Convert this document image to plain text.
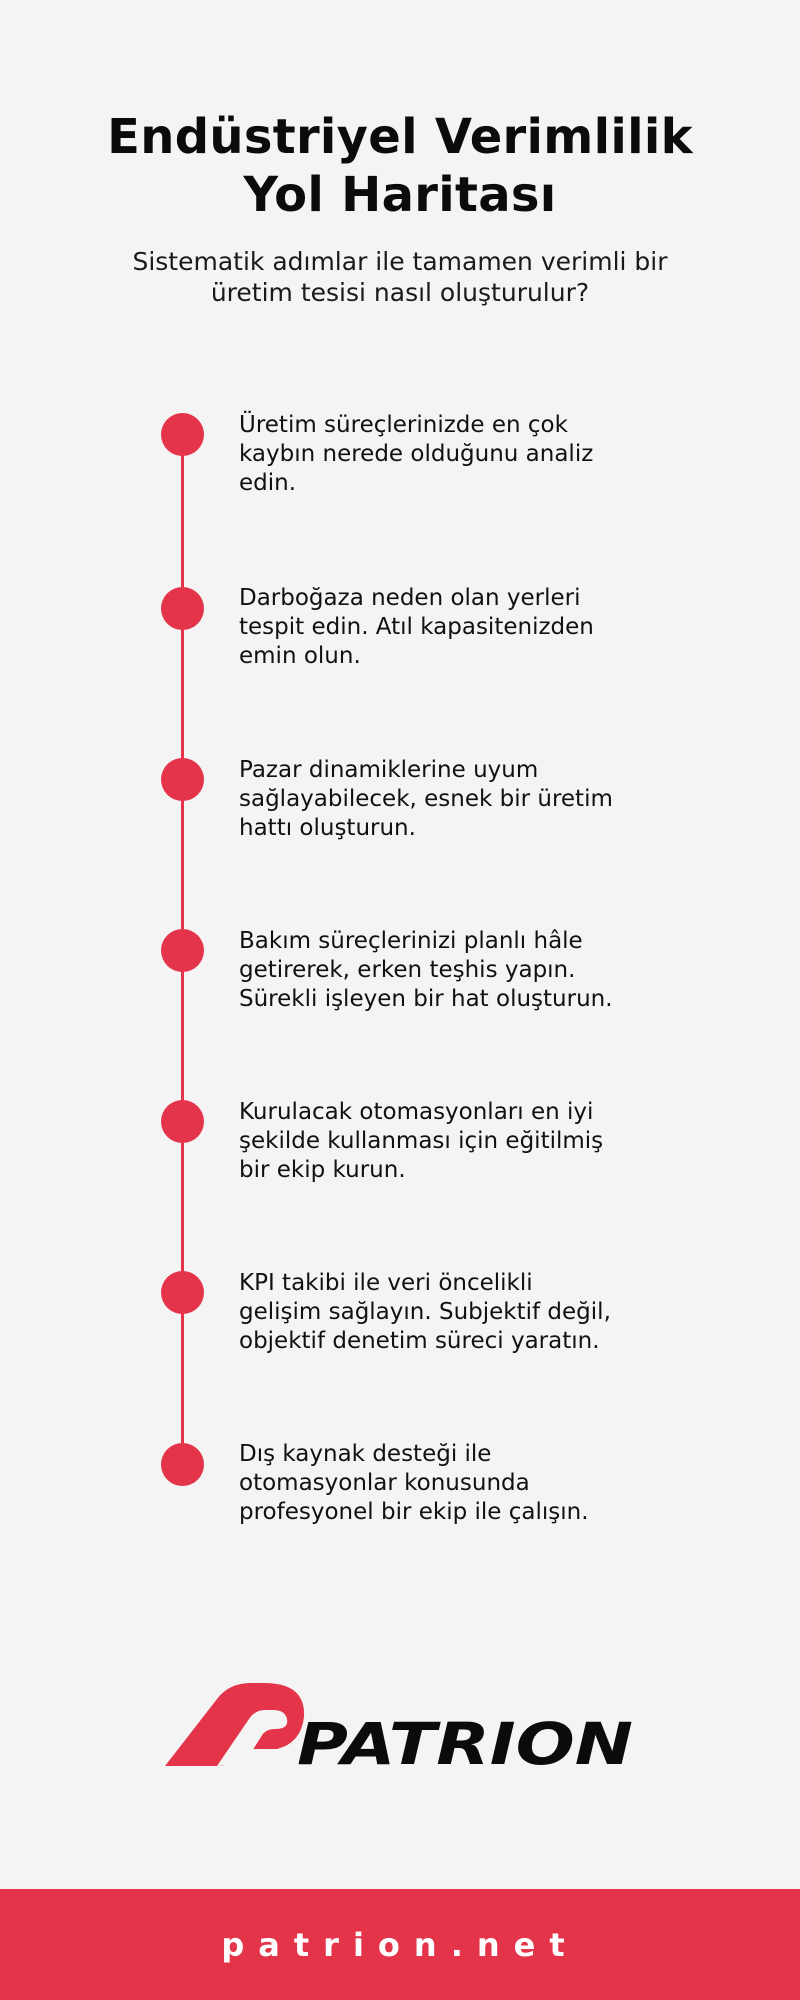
Endüstriyel Verimlilik
Yol Haritası

Sistematik adımlar ile tamamen verimli bir
üretim tesisi nasıl oluşturulur?

Üretim süreçlerinizde en çok
kaybın nerede olduğunu analiz
edin.

Darboğaza neden olan yerleri
tespit edin. Atıl kapasitenizden
emin olun.

Pazar dinamiklerine uyum
sağlayabilecek, esnek bir üretim
hattı oluşturun.

Bakım süreçlerinizi planlı hâle
getirerek, erken teşhis yapın.
Sürekli işleyen bir hat oluşturun.

Kurulacak otomasyonları en iyi
şekilde kullanması için eğitilmiş
bir ekip kurun.

KPI takibi ile veri öncelikli
gelişim sağlayın. Subjektif değil,
objektif denetim süreci yaratın.

Dış kaynak desteği ile
otomasyonlar konusunda
profesyonel bir ekip ile çalışın.

PATRION
patrion.net
